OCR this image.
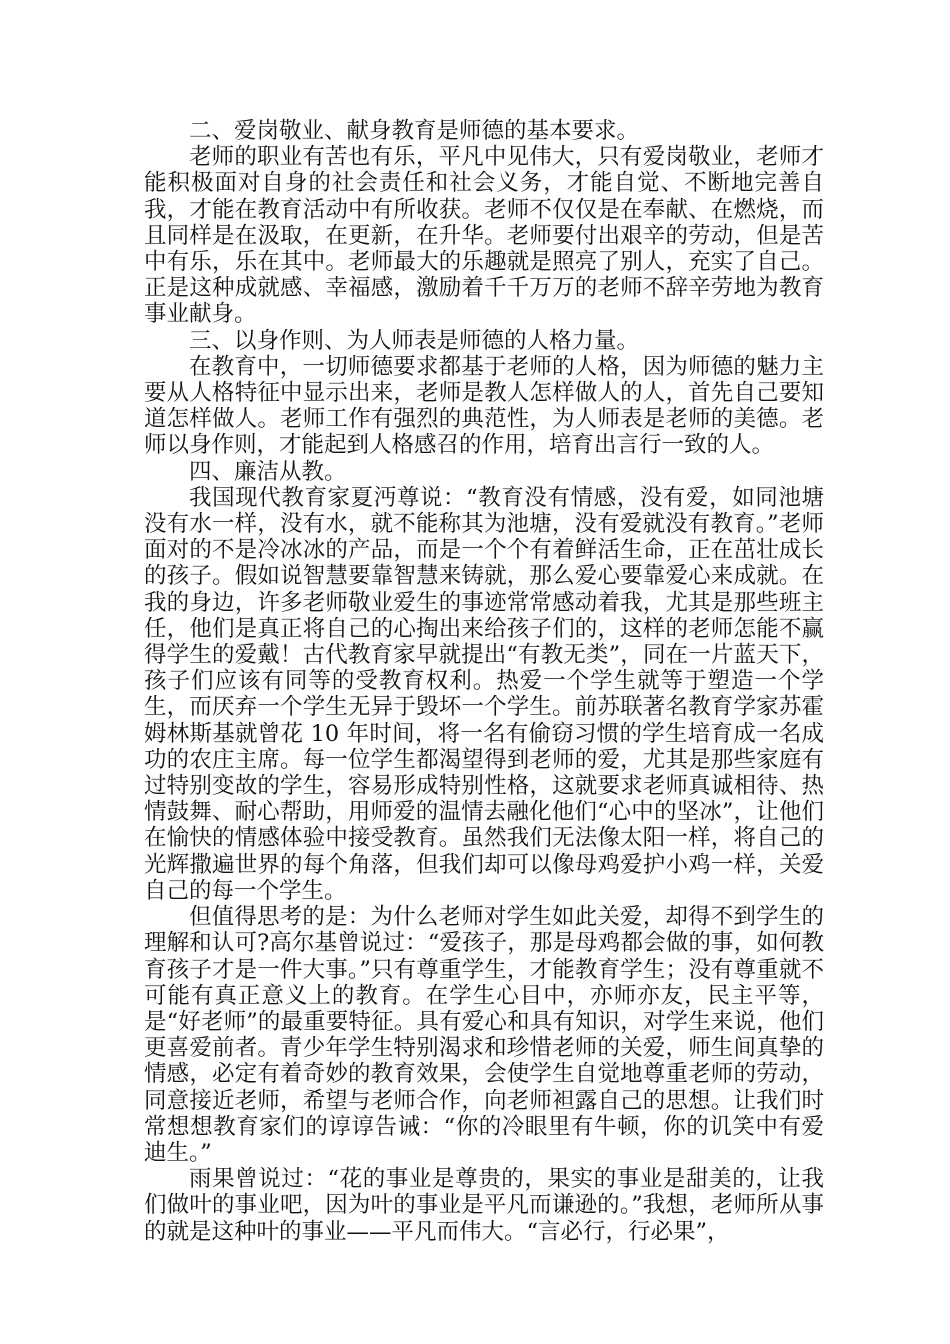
二、爱岗敬业、献身教育是师德的基本要求。

老师的职业有苦也有乐，平凡中见伟大，只有爱岗敬业，老师才能积极面对自身的社会责任和社会义务，才能自觉、不断地完善自我，才能在教育活动中有所收获。老师不仅仅是在奉献、在燃烧，而且同样是在汲取，在更新，在升华。老师要付出艰辛的劳动，但是苦中有乐，乐在其中。老师最大的乐趣就是照亮了别人，充实了自己。正是这种成就感、幸福感，激励着千千万万的老师不辞辛劳地为教育事业献身。

三、以身作则、为人师表是师德的人格力量。

在教育中，一切师德要求都基于老师的人格，因为师德的魅力主要从人格特征中显示出来，老师是教人怎样做人的人，首先自己要知道怎样做人。老师工作有强烈的典范性，为人师表是老师的美德。老师以身作则，才能起到人格感召的作用，培育出言行一致的人。

四、廉洁从教。

我国现代教育家夏沔尊说：“教育没有情感，没有爱，如同池塘没有水一样，没有水，就不能称其为池塘，没有爱就没有教育。”老师面对的不是冷冰冰的产品，而是一个个有着鲜活生命，正在茁壮成长的孩子。假如说智慧要靠智慧来铸就，那么爱心要靠爱心来成就。在我的身边，许多老师敬业爱生的事迹常常感动着我，尤其是那些班主任，他们是真正将自己的心掏出来给孩子们的，这样的老师怎能不赢得学生的爱戴！古代教育家早就提出“有教无类”，同在一片蓝天下，孩子们应该有同等的受教育权利。热爱一个学生就等于塑造一个学生，而厌弃一个学生无异于毁坏一个学生。前苏联著名教育学家苏霍姆林斯基就曾花 10 年时间，将一名有偷窃习惯的学生培育成一名成功的农庄主席。每一位学生都渴望得到老师的爱，尤其是那些家庭有过特别变故的学生，容易形成特别性格，这就要求老师真诚相待、热情鼓舞、耐心帮助，用师爱的温情去融化他们“心中的坚冰”，让他们在愉快的情感体验中接受教育。虽然我们无法像太阳一样，将自己的光辉撒遍世界的每个角落，但我们却可以像母鸡爱护小鸡一样，关爱自己的每一个学生。

但值得思考的是：为什么老师对学生如此关爱，却得不到学生的理解和认可?高尔基曾说过：“爱孩子，那是母鸡都会做的事，如何教育孩子才是一件大事。”只有尊重学生，才能教育学生；没有尊重就不可能有真正意义上的教育。在学生心目中，亦师亦友，民主平等，是“好老师”的最重要特征。具有爱心和具有知识，对学生来说，他们更喜爱前者。青少年学生特别渴求和珍惜老师的关爱，师生间真挚的情感，必定有着奇妙的教育效果，会使学生自觉地尊重老师的劳动，同意接近老师，希望与老师合作，向老师袒露自己的思想。让我们时常想想教育家们的谆谆告诫：“你的冷眼里有牛顿，你的讥笑中有爱迪生。”

雨果曾说过：“花的事业是尊贵的，果实的事业是甜美的，让我们做叶的事业吧，因为叶的事业是平凡而谦逊的。”我想，老师所从事的就是这种叶的事业——平凡而伟大。“言必行，行必果”，
